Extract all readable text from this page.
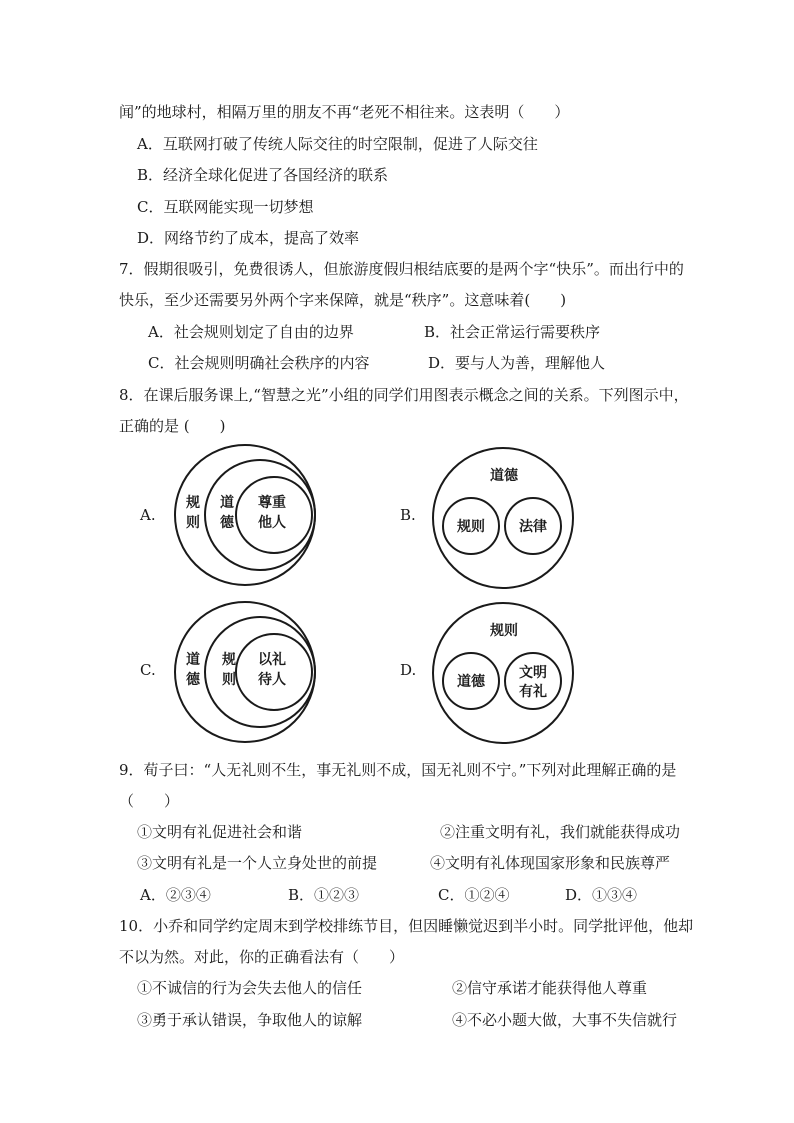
闻”的地球村，相隔万里的朋友不再“老死不相往来。这表明（　　）
A．互联网打破了传统人际交往的时空限制，促进了人际交往
B．经济全球化促进了各国经济的联系
C．互联网能实现一切梦想
D．网络节约了成本，提高了效率
7．假期很吸引，免费很诱人，但旅游度假归根结底要的是两个字“快乐”。而出行中的
快乐，至少还需要另外两个字来保障，就是“秩序”。这意味着(　　)
A．社会规则划定了自由的边界	B．社会正常运行需要秩序
C．社会规则明确社会秩序的内容	D．要与人为善，理解他人
8．在课后服务课上,“智慧之光”小组的同学们用图表示概念之间的关系。下列图示中，
正确的是 (　　)
A.
规
则
道
德
尊重
他人	B.
道德
规则 法律
C.
道
德
规
则
以礼
待人
D.
规则
道德
文明
有礼
9．荀子曰：“人无礼则不生，事无礼则不成，国无礼则不宁。”下列对此理解正确的是
（　　）
①文明有礼促进社会和谐	②注重文明有礼，我们就能获得成功
③文明有礼是一个人立身处世的前提	④文明有礼体现国家形象和民族尊严
A．②③④	B．①②③	C．①②④	D．①③④
10．小乔和同学约定周末到学校排练节目，但因睡懒觉迟到半小时。同学批评他，他却
不以为然。对此，你的正确看法有（　　）
①不诚信的行为会失去他人的信任	②信守承诺才能获得他人尊重
③勇于承认错误，争取他人的谅解	④不必小题大做，大事不失信就行
